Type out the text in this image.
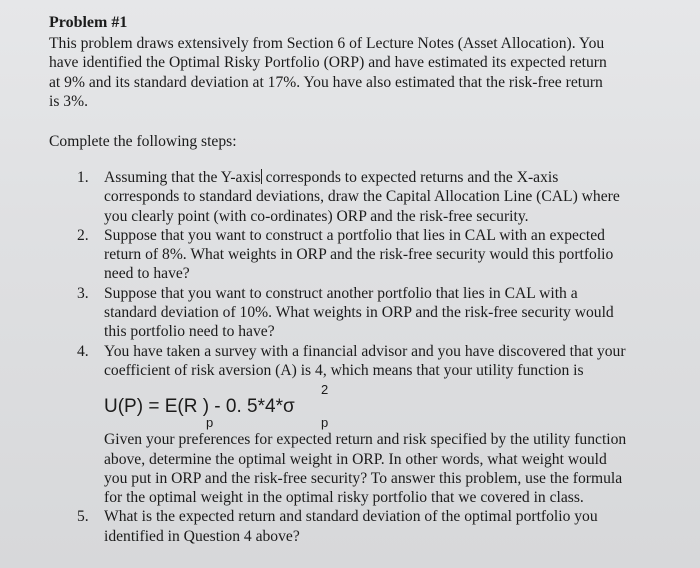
Problem #1
This problem draws extensively from Section 6 of Lecture Notes (Asset Allocation). You
have identified the Optimal Risky Portfolio (ORP) and have estimated its expected return
at 9% and its standard deviation at 17%. You have also estimated that the risk-free return
is 3%.
Complete the following steps:
1. Assuming that the Y-axis corresponds to expected returns and the X-axis
corresponds to standard deviations, draw the Capital Allocation Line (CAL) where
you clearly point (with co-ordinates) ORP and the risk-free security.
2. Suppose that you want to construct a portfolio that lies in CAL with an expected
return of 8%. What weights in ORP and the risk-free security would this portfolio
need to have?
3. Suppose that you want to construct another portfolio that lies in CAL with a
standard deviation of 10%. What weights in ORP and the risk-free security would
this portfolio need to have?
4. You have taken a survey with a financial advisor and you have discovered that your
coefficient of risk aversion (A) is 4, which means that your utility function is
U(P) = E(R ) - 0. 5*4*σ
p	p
2
Given your preferences for expected return and risk specified by the utility function
above, determine the optimal weight in ORP. In other words, what weight would
you put in ORP and the risk-free security? To answer this problem, use the formula
for the optimal weight in the optimal risky portfolio that we covered in class.
5. What is the expected return and standard deviation of the optimal portfolio you
identified in Question 4 above?
